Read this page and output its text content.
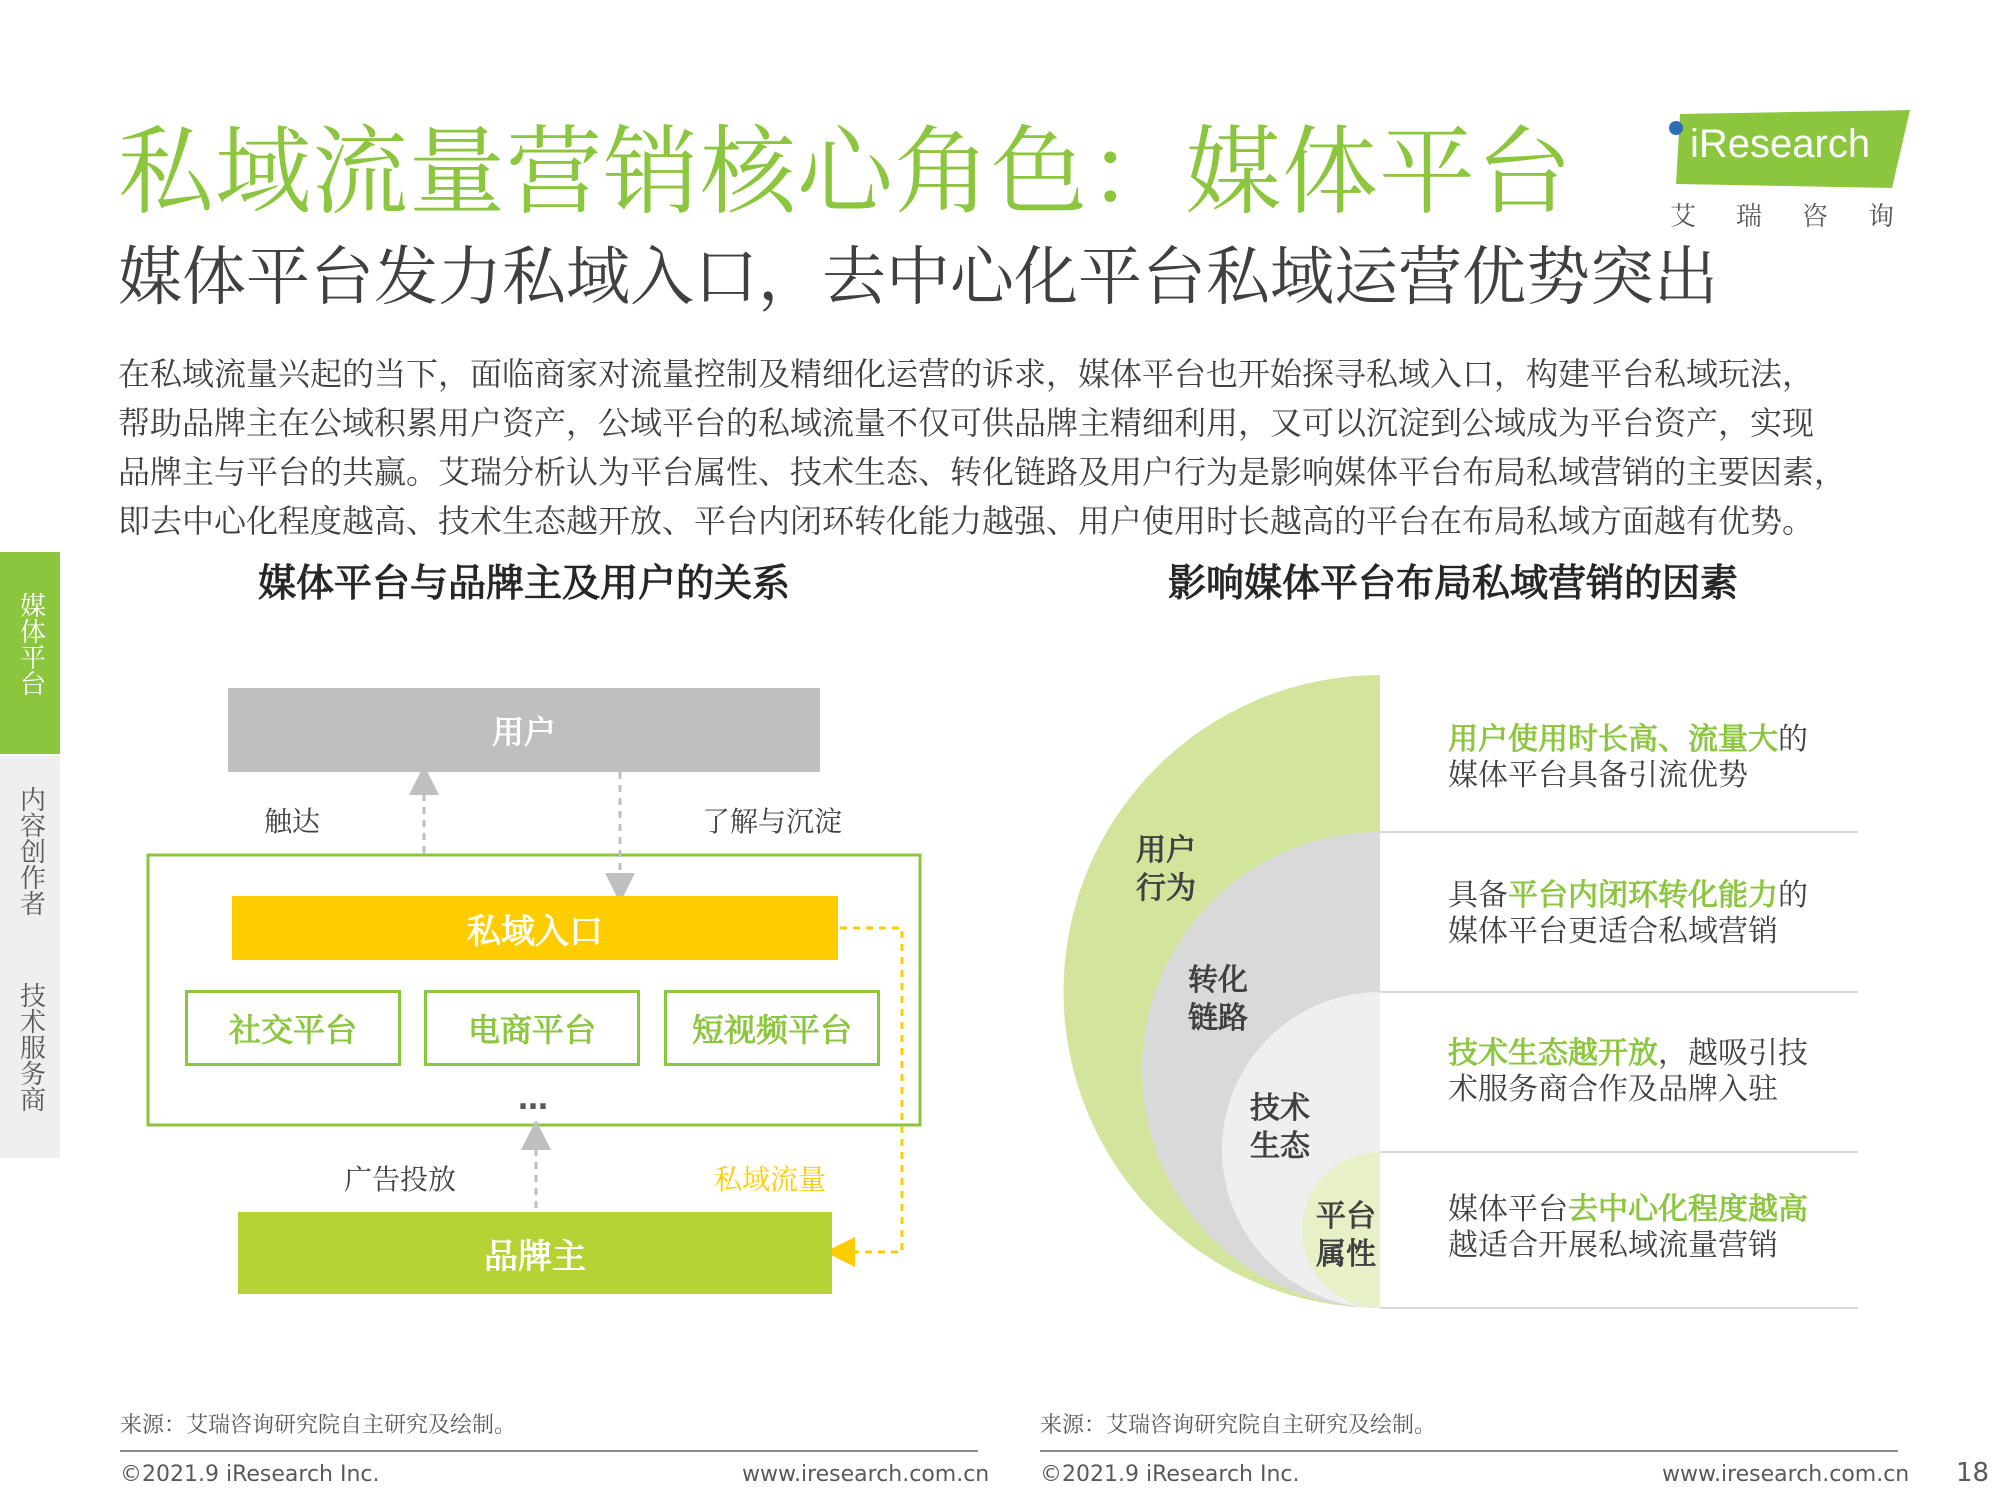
私域流量营销核心角色：媒体平台
媒体平台发力私域入口，去中心化平台私域运营优势突出
iResearch
艾瑞咨询

在私域流量兴起的当下，面临商家对流量控制及精细化运营的诉求，媒体平台也开始探寻私域入口，构建平台私域玩法，

帮助品牌主在公域积累用户资产，公域平台的私域流量不仅可供品牌主精细利用，又可以沉淀到公域成为平台资产，实现

品牌主与平台的共赢。艾瑞分析认为平台属性、技术生态、转化链路及用户行为是影响媒体平台布局私域营销的主要因素，

即去中心化程度越高、技术生态越开放、平台内闭环转化能力越强、用户使用时长越高的平台在布局私域方面越有优势。

媒体平台
内容创作者
技术服务商
媒体平台与品牌主及用户的关系	影响媒体平台布局私域营销的因素
用户
触达	了解与沉淀
私域入口
社交平台	电商平台	短视频平台
…
广告投放	私域流量
品牌主
用户行为
转化链路
技术生态
平台属性
用户使用时长高、流量大的
媒体平台具备引流优势
具备平台内闭环转化能力的
媒体平台更适合私域营销
技术生态越开放，越吸引技
术服务商合作及品牌入驻
媒体平台去中心化程度越高
越适合开展私域流量营销
来源：艾瑞咨询研究院自主研究及绘制。	来源：艾瑞咨询研究院自主研究及绘制。
©2021.9 iResearch Inc.	www.iresearch.com.cn ©2021.9 iResearch Inc.	www.iresearch.com.cn 18
